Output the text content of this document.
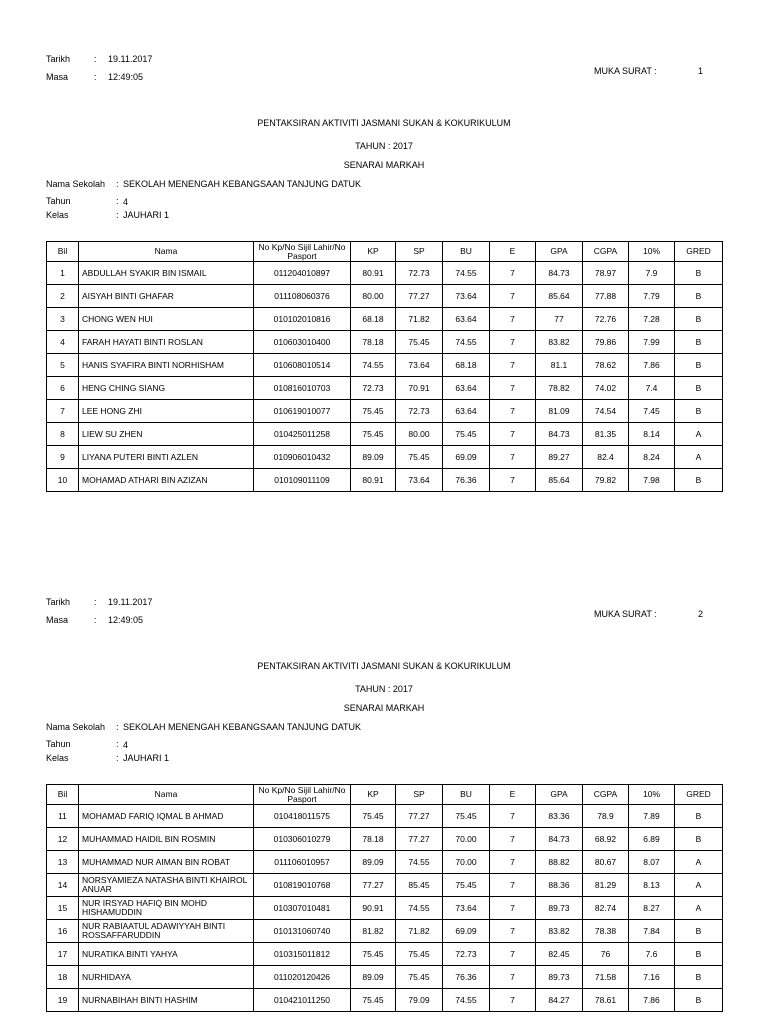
Tarikh	: 19.11.2017
Masa	: 12:49:05
MUKA SURAT :	1
PENTAKSIRAN AKTIVITI JASMANI SUKAN & KOKURIKULUM
TAHUN : 2017
SENARAI MARKAH
Nama Sekolah : SEKOLAH MENENGAH KEBANGSAAN TANJUNG DATUK
Tahun	: 4
Kelas	: JAUHARI 1
Bil	Nama	No Kp/No Sijil Lahir/No Pasport	KP	SP	BU	E	GPA	CGPA	10%	GRED
1	ABDULLAH SYAKIR BIN ISMAIL	011204010897	80.91	72.73	74.55	7	84.73	78.97	7.9	B
2	AISYAH BINTI GHAFAR	011108060376	80.00	77.27	73.64	7	85.64	77.88	7.79	B
3	CHONG WEN HUI	010102010816	68.18	71.82	63.64	7	77	72.76	7.28	B
4	FARAH HAYATI BINTI ROSLAN	010603010400	78.18	75.45	74.55	7	83.82	79.86	7.99	B
5	HANIS SYAFIRA BINTI NORHISHAM	010608010514	74.55	73.64	68.18	7	81.1	78.62	7.86	B
6	HENG CHING SIANG	010816010703	72.73	70.91	63.64	7	78.82	74.02	7.4	B
7	LEE HONG ZHI	010619010077	75.45	72.73	63.64	7	81.09	74.54	7.45	B
8	LIEW SU ZHEN	010425011258	75.45	80.00	75.45	7	84.73	81.35	8.14	A
9	LIYANA PUTERI BINTI AZLEN	010906010432	89.09	75.45	69.09	7	89.27	82.4	8.24	A
10	MOHAMAD ATHARI BIN AZIZAN	010109011109	80.91	73.64	76.36	7	85.64	79.82	7.98	B
Tarikh	: 19.11.2017
Masa	: 12:49:05
MUKA SURAT :	2
PENTAKSIRAN AKTIVITI JASMANI SUKAN & KOKURIKULUM
TAHUN : 2017
SENARAI MARKAH
Nama Sekolah : SEKOLAH MENENGAH KEBANGSAAN TANJUNG DATUK
Tahun	: 4
Kelas	: JAUHARI 1
Bil	Nama	No Kp/No Sijil Lahir/No Pasport	KP	SP	BU	E	GPA	CGPA	10%	GRED
11	MOHAMAD FARIQ IQMAL B AHMAD	010418011575	75.45	77.27	75.45	7	83.36	78.9	7.89	B
12	MUHAMMAD HAIDIL BIN ROSMIN	010306010279	78.18	77.27	70.00	7	84.73	68.92	6.89	B
13	MUHAMMAD NUR AIMAN BIN ROBAT	011106010957	89.09	74.55	70.00	7	88.82	80.67	8.07	A
14	NORSYAMIEZA NATASHA BINTI KHAIROL ANUAR	010819010768	77.27	85.45	75.45	7	88.36	81.29	8.13	A
15	NUR IRSYAD HAFIQ BIN MOHD HISHAMUDDIN	010307010481	90.91	74.55	73.64	7	89.73	82.74	8.27	A
16	NUR RABIAATUL ADAWIYYAH BINTI ROSSAFFARUDDIN	010131060740	81.82	71.82	69.09	7	83.82	78.38	7.84	B
17	NURATIKA BINTI YAHYA	010315011812	75.45	75.45	72.73	7	82.45	76	7.6	B
18	NURHIDAYA	011020120426	89.09	75.45	76.36	7	89.73	71.58	7.16	B
19	NURNABIHAH BINTI HASHIM	010421011250	75.45	79.09	74.55	7	84.27	78.61	7.86	B
